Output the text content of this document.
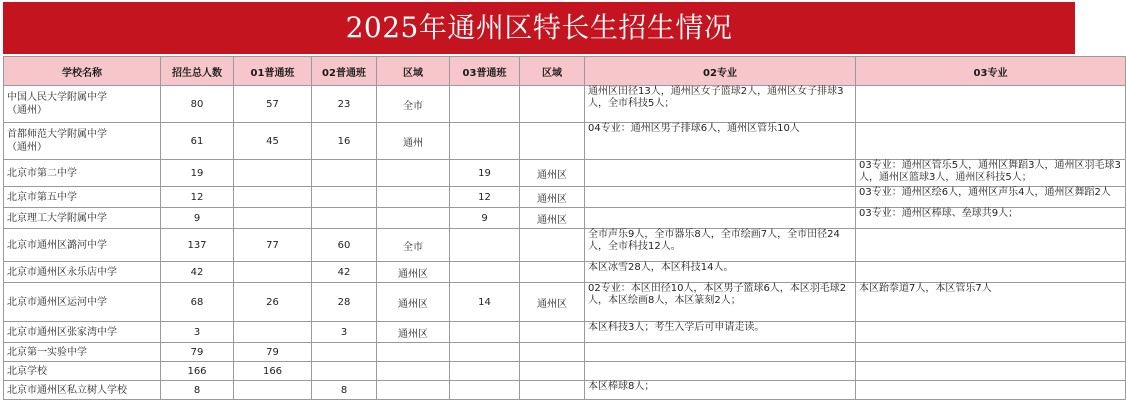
2025年通州区特长生招生情况
学校名称	招生总人数	01普通班	02普通班	区域	03普通班	区域	02专业	03专业
中国人民大学附属中学
（通州）	80	57	23	全市			通州区田径13人，通州区女子篮球2人，通州区女子排球3人，全市科技5人；	
首都师范大学附属中学
（通州）	61	45	16	通州			04专业：通州区男子排球6人，通州区管乐10人	
北京市第二中学	19				19	通州区		03专业：通州区管乐5人，通州区舞蹈3人，通州区羽毛球3人，通州区篮球3人，通州区科技5人；
北京市第五中学	12				12	通州区		03专业：通州区绘6人，通州区声乐4人，通州区舞蹈2人
北京理工大学附属中学	9				9	通州区		03专业：通州区棒球、垒球共9人；
北京市通州区潞河中学	137	77	60	全市			全市声乐9人，全市器乐8人，全市绘画7人，全市田径24人，全市科技12人。	
北京市通州区永乐店中学	42		42	通州区			本区冰雪28人，本区科技14人。	
北京市通州区运河中学	68	26	28	通州区	14	通州区	02专业：本区田径10人，本区男子篮球6人，本区羽毛球2人，本区绘画8人，本区篆刻2人；	本区跆拳道7人，本区管乐7人
北京市通州区张家湾中学	3		3	通州区			本区科技3人；考生入学后可申请走读。	
北京第一实验中学	79	79						
北京学校	166	166						
北京市通州区私立树人学校	8		8				本区棒球8人；	
